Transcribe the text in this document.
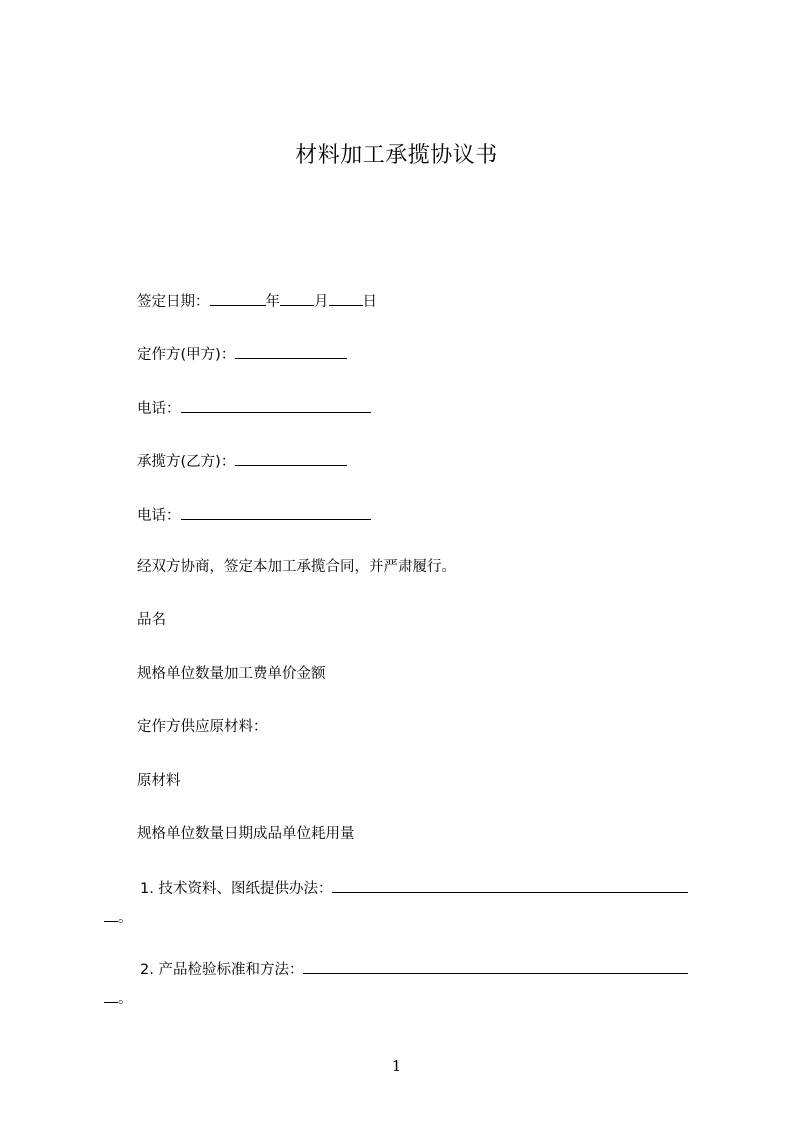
材料加工承揽协议书
签定日期：	年 月 日
定作方(甲方)：
电话：
承揽方(乙方)：
电话：
经双方协商，签定本加工承揽合同，并严肃履行。
品名
规格单位数量加工费单价金额
定作方供应原材料：
原材料
规格单位数量日期成品单位耗用量
1. 技术资料、图纸提供办法：
。
2. 产品检验标准和方法：
。
1
